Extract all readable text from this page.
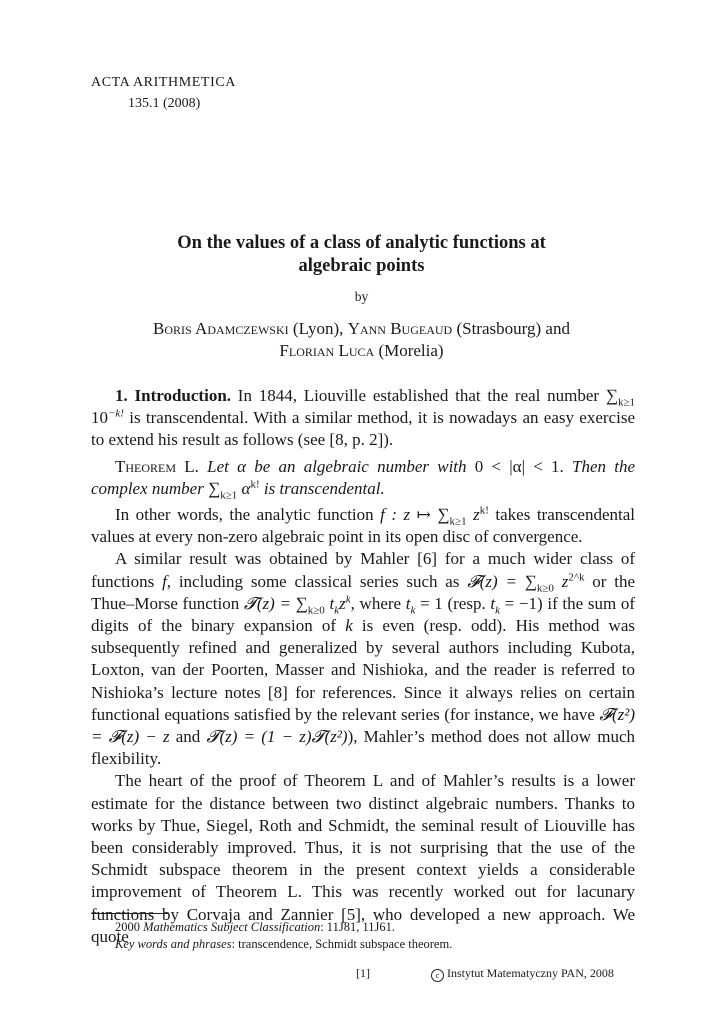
ACTA ARITHMETICA
135.1 (2008)
On the values of a class of analytic functions at
algebraic points
by
Boris Adamczewski (Lyon), Yann Bugeaud (Strasbourg) and
Florian Luca (Morelia)

1. Introduction. In 1844, Liouville established that the real number $\sum_{k\ge 1}$ $10^{-k!}$ is transcendental. With a similar method, it is nowadays an easy exercise to extend his result as follows (see [8, p. 2]).

Theorem L. Let α be an algebraic number with 0 < |α| < 1. Then the complex number $\sum_{k\ge 1}$ $\alpha^{k!}$ is transcendental.

In other words, the analytic function f : z ↦ $\sum_{k\ge 1}$ $z^{k!}$ takes transcendental values at every non-zero algebraic point in its open disc of convergence.

A similar result was obtained by Mahler [6] for a much wider class of functions f, including some classical series such as 𝓕(z) = $\sum_{k\ge 0}$ $z^{2\^{}k}$ or the Thue–Morse function 𝓣(z) = $\sum_{k\ge 0}$ $t_kz^k$, where $t_k = 1$ (resp. $t_k = -1$) if the sum of digits of the binary expansion of k is even (resp. odd). His method was subsequently refined and generalized by several authors including Kubota, Loxton, van der Poorten, Masser and Nishioka, and the reader is referred to Nishioka’s lecture notes [8] for references. Since it always relies on certain functional equations satisfied by the relevant series (for instance, we have 𝓕(z²) = 𝓕(z) − z and 𝓣(z) = (1 − z)𝓣(z²)), Mahler’s method does not allow much flexibility.

The heart of the proof of Theorem L and of Mahler’s results is a lower estimate for the distance between two distinct algebraic numbers. Thanks to works by Thue, Siegel, Roth and Schmidt, the seminal result of Liouville has been considerably improved. Thus, it is not surprising that the use of the Schmidt subspace theorem in the present context yields a considerable improvement of Theorem L. This was recently worked out for lacunary functions by Corvaja and Zannier [5], who developed a new approach. We quote

2000 Mathematics Subject Classification: 11J81, 11J61.
Key words and phrases: transcendence, Schmidt subspace theorem.
[1]	c Instytut Matematyczny PAN, 2008
